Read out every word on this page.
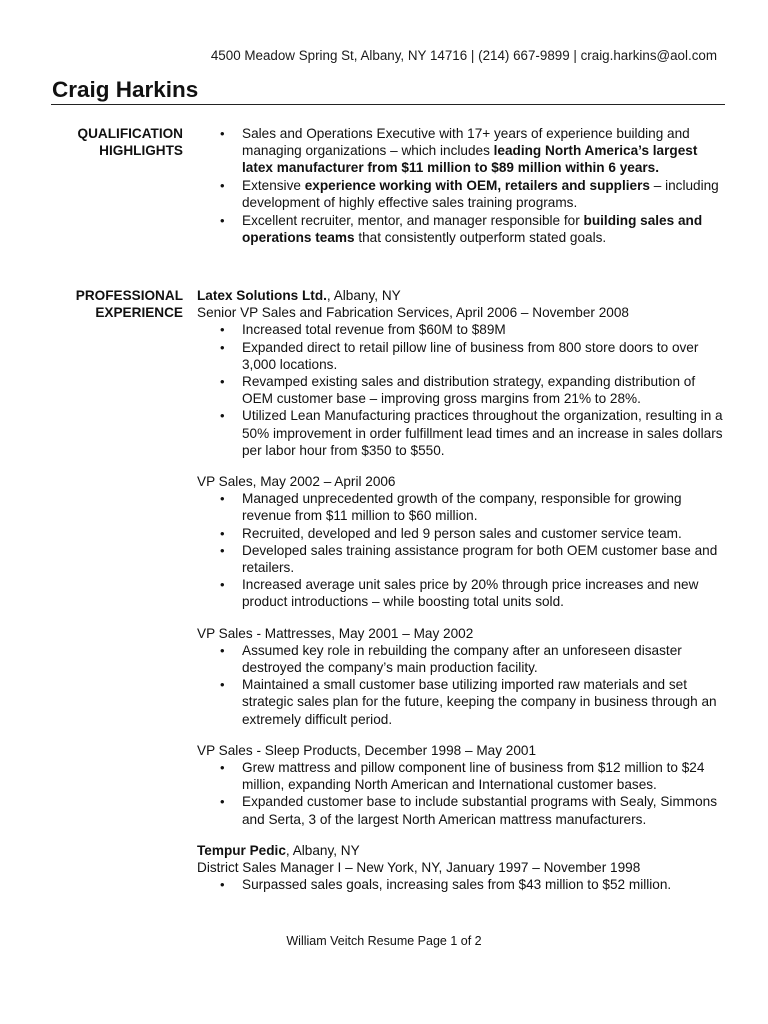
4500 Meadow Spring St, Albany, NY 14716 | (214) 667-9899 | craig.harkins@aol.com
Craig Harkins
QUALIFICATION
HIGHLIGHTS
• Sales and Operations Executive with 17+ years of experience building and managing organizations – which includes leading North America’s largest latex manufacturer from $11 million to $89 million within 6 years.
• Extensive experience working with OEM, retailers and suppliers – including development of highly effective sales training programs.
• Excellent recruiter, mentor, and manager responsible for building sales and operations teams that consistently outperform stated goals.
PROFESSIONAL
EXPERIENCE
Latex Solutions Ltd., Albany, NY
Senior VP Sales and Fabrication Services, April 2006 – November 2008
• Increased total revenue from $60M to $89M
• Expanded direct to retail pillow line of business from 800 store doors to over 3,000 locations.
• Revamped existing sales and distribution strategy, expanding distribution of OEM customer base – improving gross margins from 21% to 28%.
• Utilized Lean Manufacturing practices throughout the organization, resulting in a 50% improvement in order fulfillment lead times and an increase in sales dollars per labor hour from $350 to $550.
VP Sales, May 2002 – April 2006
• Managed unprecedented growth of the company, responsible for growing revenue from $11 million to $60 million.
• Recruited, developed and led 9 person sales and customer service team.
• Developed sales training assistance program for both OEM customer base and retailers.
• Increased average unit sales price by 20% through price increases and new product introductions – while boosting total units sold.
VP Sales - Mattresses, May 2001 – May 2002
• Assumed key role in rebuilding the company after an unforeseen disaster destroyed the company’s main production facility.
• Maintained a small customer base utilizing imported raw materials and set strategic sales plan for the future, keeping the company in business through an extremely difficult period.
VP Sales - Sleep Products, December 1998 – May 2001
• Grew mattress and pillow component line of business from $12 million to $24 million, expanding North American and International customer bases.
• Expanded customer base to include substantial programs with Sealy, Simmons and Serta, 3 of the largest North American mattress manufacturers.
Tempur Pedic, Albany, NY
District Sales Manager I – New York, NY, January 1997 – November 1998
• Surpassed sales goals, increasing sales from $43 million to $52 million.
William Veitch Resume Page 1 of 2
